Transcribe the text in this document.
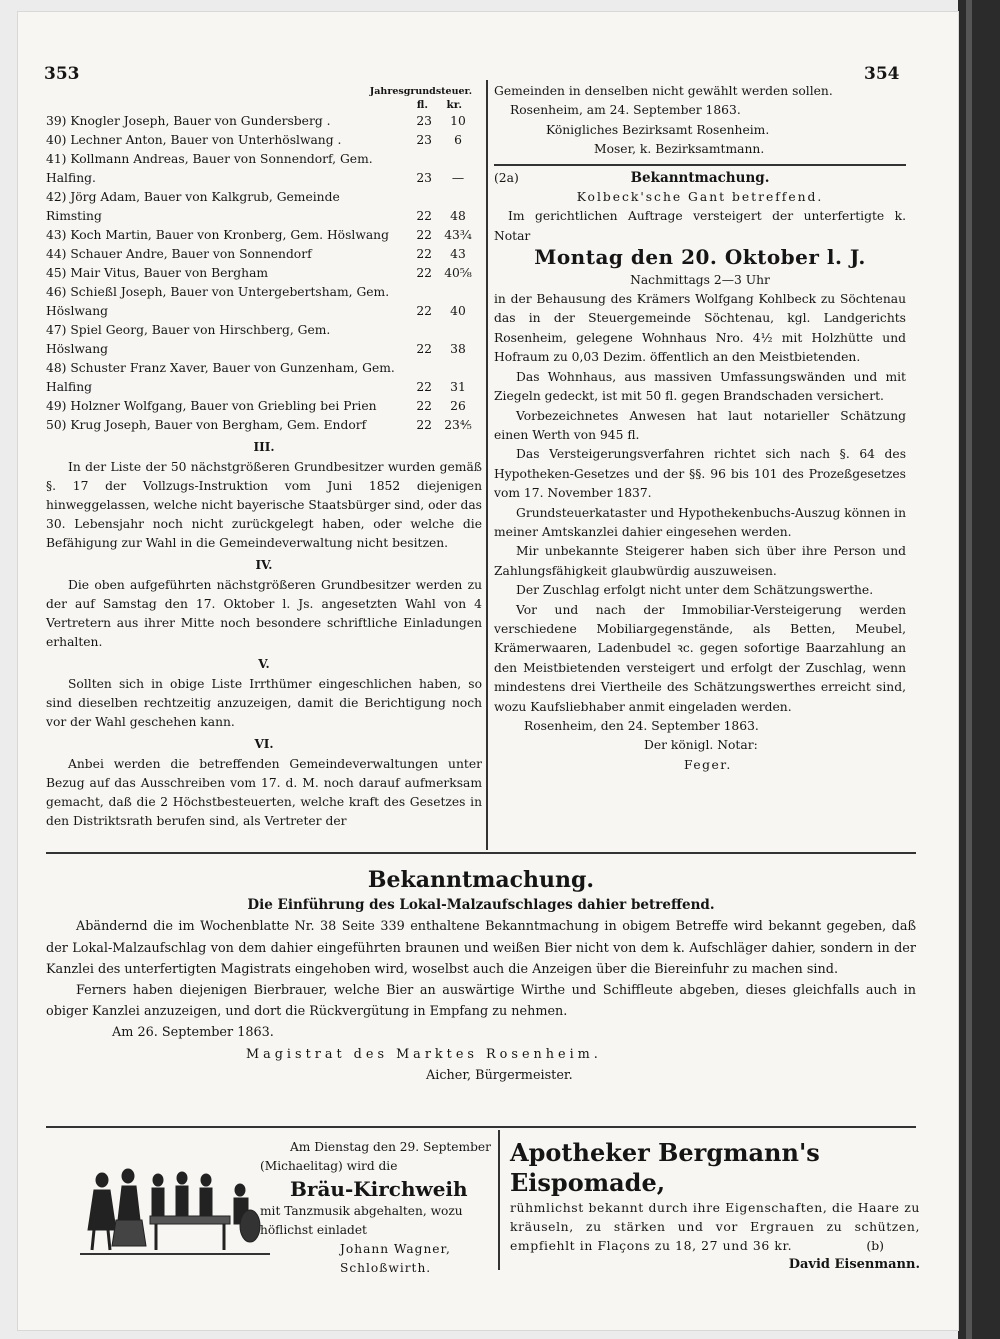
353	354
Jahresgrundsteuer.
fl. kr.
39) Knogler Joseph, Bauer von Gundersberg .	23	10
40) Lechner Anton, Bauer von Unterhöslwang .	23	6
41) Kollmann Andreas, Bauer von Sonnendorf, Gem. Halfing.	23	—
42) Jörg Adam, Bauer von Kalkgrub, Gemeinde Rimsting	22	48
43) Koch Martin, Bauer von Kronberg, Gem. Höslwang	22 43¾
44) Schauer Andre, Bauer von Sonnendorf	22	43
45) Mair Vitus, Bauer von Bergham	22 40⅝
46) Schießl Joseph, Bauer von Untergebertsham, Gem. Höslwang	22	40
47) Spiel Georg, Bauer von Hirschberg, Gem. Höslwang	22	38
48) Schuster Franz Xaver, Bauer von Gunzenham, Gem. Halfing	22	31
49) Holzner Wolfgang, Bauer von Griebling bei Prien	22	26
50) Krug Joseph, Bauer von Bergham, Gem. Endorf	22 23⅘
III.
In der Liste der 50 nächstgrößeren Grundbesitzer wurden gemäß §. 17 der Vollzugs-Instruktion vom Juni 1852 diejenigen hinweggelassen, welche nicht bayerische Staatsbürger sind, oder das 30. Lebensjahr noch nicht zurückgelegt haben, oder welche die Befähigung zur Wahl in die Gemeindeverwaltung nicht besitzen.
IV.
Die oben aufgeführten nächstgrößeren Grundbesitzer werden zu der auf Samstag den 17. Oktober l. Js. angesetzten Wahl von 4 Vertretern aus ihrer Mitte noch besondere schriftliche Einladungen erhalten.
V.
Sollten sich in obige Liste Irrthümer eingeschlichen haben, so sind dieselben rechtzeitig anzuzeigen, damit die Berichtigung noch vor der Wahl geschehen kann.
VI.
Anbei werden die betreffenden Gemeindeverwaltungen unter Bezug auf das Ausschreiben vom 17. d. M. noch darauf aufmerksam gemacht, daß die 2 Höchstbesteuerten, welche kraft des Gesetzes in den Distriktsrath berufen sind, als Vertreter der
Gemeinden in denselben nicht gewählt werden sollen.
Rosenheim, am 24. September 1863.
Königliches Bezirksamt Rosenheim.
Moser, k. Bezirksamtmann.
(2a)	Bekanntmachung.
Kolbeck'sche Gant betreffend.
Im gerichtlichen Auftrage versteigert der unterfertigte k. Notar
Montag den 20. Oktober l. J.
Nachmittags 2—3 Uhr
in der Behausung des Krämers Wolfgang Kohlbeck zu Söchtenau das in der Steuergemeinde Söchtenau, kgl. Landgerichts Rosenheim, gelegene Wohnhaus Nro. 4½ mit Holzhütte und Hofraum zu 0,03 Dezim. öffentlich an den Meistbietenden.
Das Wohnhaus, aus massiven Umfassungswänden und mit Ziegeln gedeckt, ist mit 50 fl. gegen Brandschaden versichert.
Vorbezeichnetes Anwesen hat laut notarieller Schätzung einen Werth von 945 fl.
Das Versteigerungsverfahren richtet sich nach §. 64 des Hypotheken-Gesetzes und der §§. 96 bis 101 des Prozeßgesetzes vom 17. November 1837.
Grundsteuerkataster und Hypothekenbuchs-Auszug können in meiner Amtskanzlei dahier eingesehen werden.
Mir unbekannte Steigerer haben sich über ihre Person und Zahlungsfähigkeit glaubwürdig auszuweisen.
Der Zuschlag erfolgt nicht unter dem Schätzungswerthe.
Vor und nach der Immobiliar-Versteigerung werden verschiedene Mobiliargegenstände, als Betten, Meubel, Krämerwaaren, Ladenbudel ꝛc. gegen sofortige Baarzahlung an den Meistbietenden versteigert und erfolgt der Zuschlag, wenn mindestens drei Viertheile des Schätzungswerthes erreicht sind, wozu Kaufsliebhaber anmit eingeladen werden.
Rosenheim, den 24. September 1863.
Der königl. Notar:
Feger.
Bekanntmachung.
Die Einführung des Lokal-Malzaufschlages dahier betreffend.
Abändernd die im Wochenblatte Nr. 38 Seite 339 enthaltene Bekanntmachung in obigem Betreffe wird bekannt gegeben, daß der Lokal-Malzaufschlag von dem dahier eingeführten braunen und weißen Bier nicht von dem k. Aufschläger dahier, sondern in der Kanzlei des unterfertigten Magistrats eingehoben wird, woselbst auch die Anzeigen über die Biereinfuhr zu machen sind.
Ferners haben diejenigen Bierbrauer, welche Bier an auswärtige Wirthe und Schiffleute abgeben, dieses gleichfalls auch in obiger Kanzlei anzuzeigen, und dort die Rückvergütung in Empfang zu nehmen.
Am 26. September 1863.
Magistrat des Marktes Rosenheim.
Aicher, Bürgermeister.
Am Dienstag den 29. September
(Michaelitag) wird die
Bräu-Kirchweih
mit Tanzmusik abgehalten, wozu
höflichst einladet
Johann Wagner, Schloßwirth.
Apotheker Bergmann's Eispomade,
rühmlichst bekannt durch ihre Eigenschaften, die Haare zu kräuseln, zu stärken und vor Ergrauen zu schützen, empfiehlt in Flaçons zu 18, 27 und 36 kr.	(b)
David Eisenmann.
